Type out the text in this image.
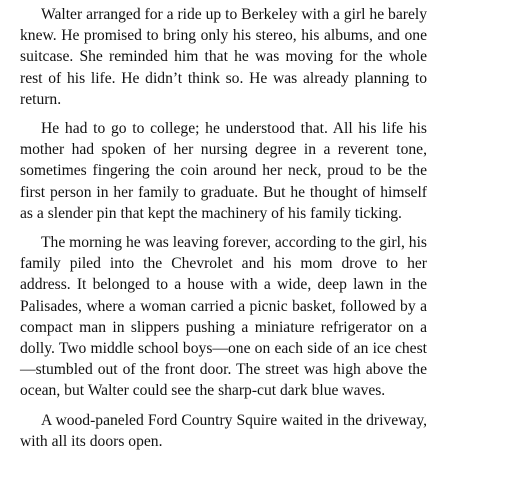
Walter arranged for a ride up to Berkeley with a girl he barely knew. He promised to bring only his stereo, his albums, and one suitcase. She reminded him that he was moving for the whole rest of his life. He didn’t think so. He was already planning to return.

He had to go to college; he understood that. All his life his mother had spoken of her nursing degree in a reverent tone, sometimes fingering the coin around her neck, proud to be the first person in her family to graduate. But he thought of himself as a slender pin that kept the machinery of his family ticking.

The morning he was leaving forever, according to the girl, his family piled into the Chevrolet and his mom drove to her address. It belonged to a house with a wide, deep lawn in the Palisades, where a woman carried a picnic basket, followed by a compact man in slippers pushing a miniature refrigerator on a dolly. Two middle school boys—one on each side of an ice chest—stumbled out of the front door. The street was high above the ocean, but Walter could see the sharp-cut dark blue waves.

A wood-paneled Ford Country Squire waited in the driveway, with all its doors open.
